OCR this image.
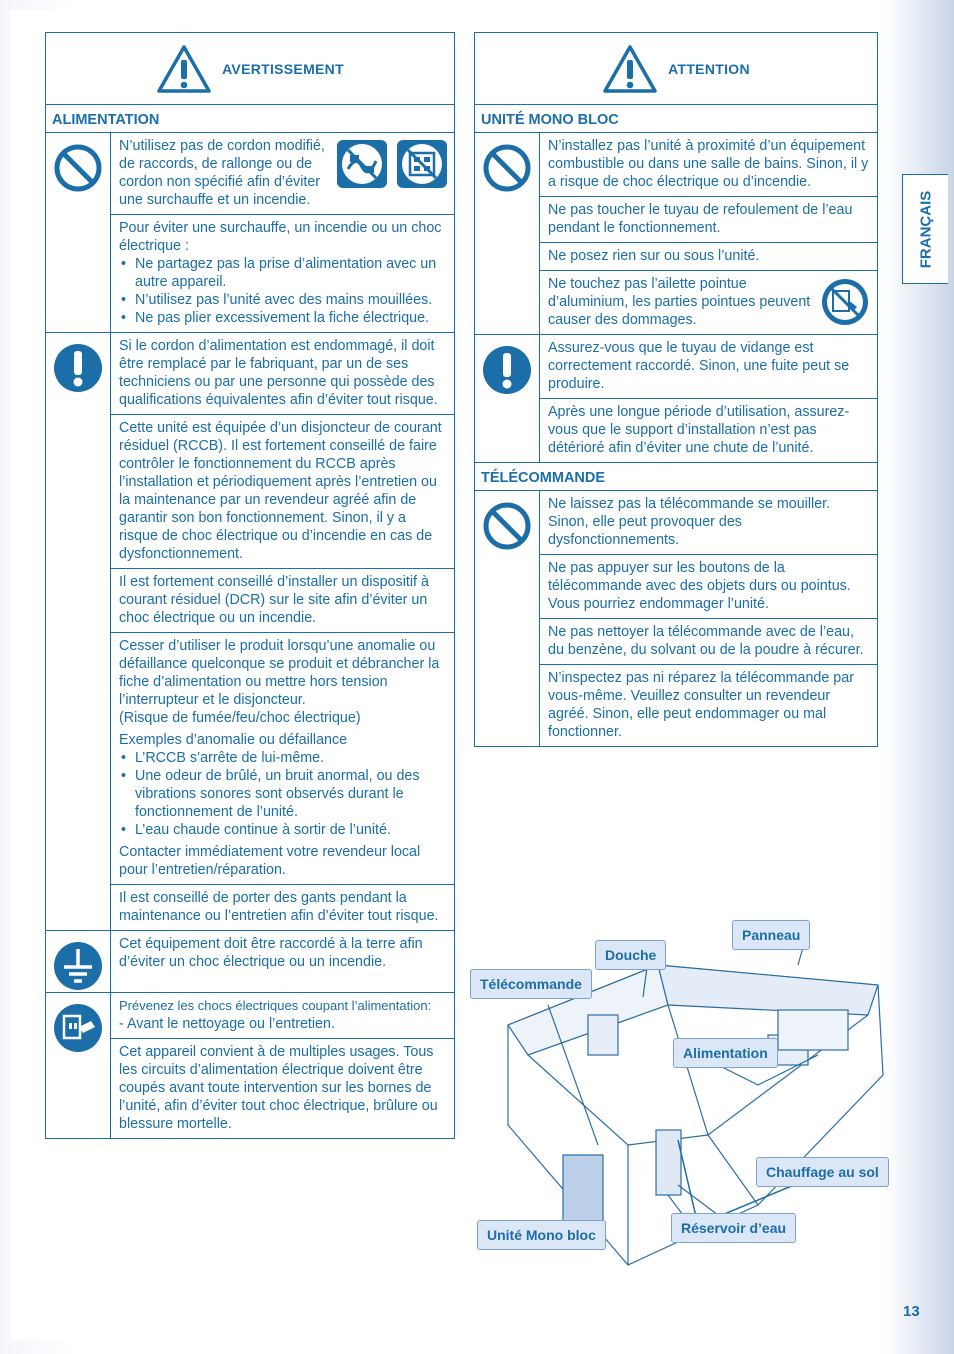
AVERTISSEMENT
ALIMENTATION
N’utilisez pas de cordon modifié, de raccords, de rallonge ou de cordon non spécifié afin d’éviter une surchauffe et un incendie.
Pour éviter une surchauffe, un incendie ou un choc électrique :
• Ne partagez pas la prise d’alimentation avec un autre appareil.
• N’utilisez pas l’unité avec des mains mouillées.
• Ne pas plier excessivement la fiche électrique.
Si le cordon d’alimentation est endommagé, il doit être remplacé par le fabriquant, par un de ses techniciens ou par une personne qui possède des qualifications équivalentes afin d’éviter tout risque.
Cette unité est équipée d’un disjoncteur de courant résiduel (RCCB). Il est fortement conseillé de faire contrôler le fonctionnement du RCCB après l’installation et périodiquement après l’entretien ou la maintenance par un revendeur agréé afin de garantir son bon fonctionnement. Sinon, il y a risque de choc électrique ou d’incendie en cas de dysfonctionnement.
Il est fortement conseillé d’installer un dispositif à courant résiduel (DCR) sur le site afin d’éviter un choc électrique ou un incendie.
Cesser d’utiliser le produit lorsqu’une anomalie ou défaillance quelconque se produit et débrancher la fiche d’alimentation ou mettre hors tension l’interrupteur et le disjoncteur.
(Risque de fumée/feu/choc électrique)
Exemples d’anomalie ou défaillance
• L’RCCB s’arrête de lui-même.
• Une odeur de brûlé, un bruit anormal, ou des vibrations sonores sont observés durant le fonctionnement de l’unité.
• L’eau chaude continue à sortir de l’unité.
Contacter immédiatement votre revendeur local pour l’entretien/réparation.
Il est conseillé de porter des gants pendant la maintenance ou l’entretien afin d’éviter tout risque.
Cet équipement doit être raccordé à la terre afin d’éviter un choc électrique ou un incendie.
Prévenez les chocs électriques coupant l’alimentation:
- Avant le nettoyage ou l’entretien.
Cet appareil convient à de multiples usages. Tous les circuits d’alimentation électrique doivent être coupés avant toute intervention sur les bornes de l’unité, afin d’éviter tout choc électrique, brûlure ou blessure mortelle.
ATTENTION
UNITÉ MONO BLOC
N’installez pas l’unité à proximité d’un équipement combustible ou dans une salle de bains. Sinon, il y a risque de choc électrique ou d’incendie.
Ne pas toucher le tuyau de refoulement de l’eau pendant le fonctionnement.
Ne posez rien sur ou sous l’unité.
Ne touchez pas l’ailette pointue d’aluminium, les parties pointues peuvent causer des dommages.
Assurez-vous que le tuyau de vidange est correctement raccordé. Sinon, une fuite peut se produire.
Après une longue période d’utilisation, assurez-vous que le support d’installation n’est pas détérioré afin d’éviter une chute de l’unité.
TÉLÉCOMMANDE
Ne laissez pas la télécommande se mouiller. Sinon, elle peut provoquer des dysfonctionnements.
Ne pas appuyer sur les boutons de la télécommande avec des objets durs ou pointus. Vous pourriez endommager l’unité.
Ne pas nettoyer la télécommande avec de l’eau, du benzène, du solvant ou de la poudre à récurer.
N’inspectez pas ni réparez la télécommande par vous-même. Veuillez consulter un revendeur agréé. Sinon, elle peut endommager ou mal fonctionner.
FRANÇAIS
Panneau
Douche
Télécommande
Alimentation
Chauffage au sol
Unité Mono bloc	Réservoir d’eau
13
